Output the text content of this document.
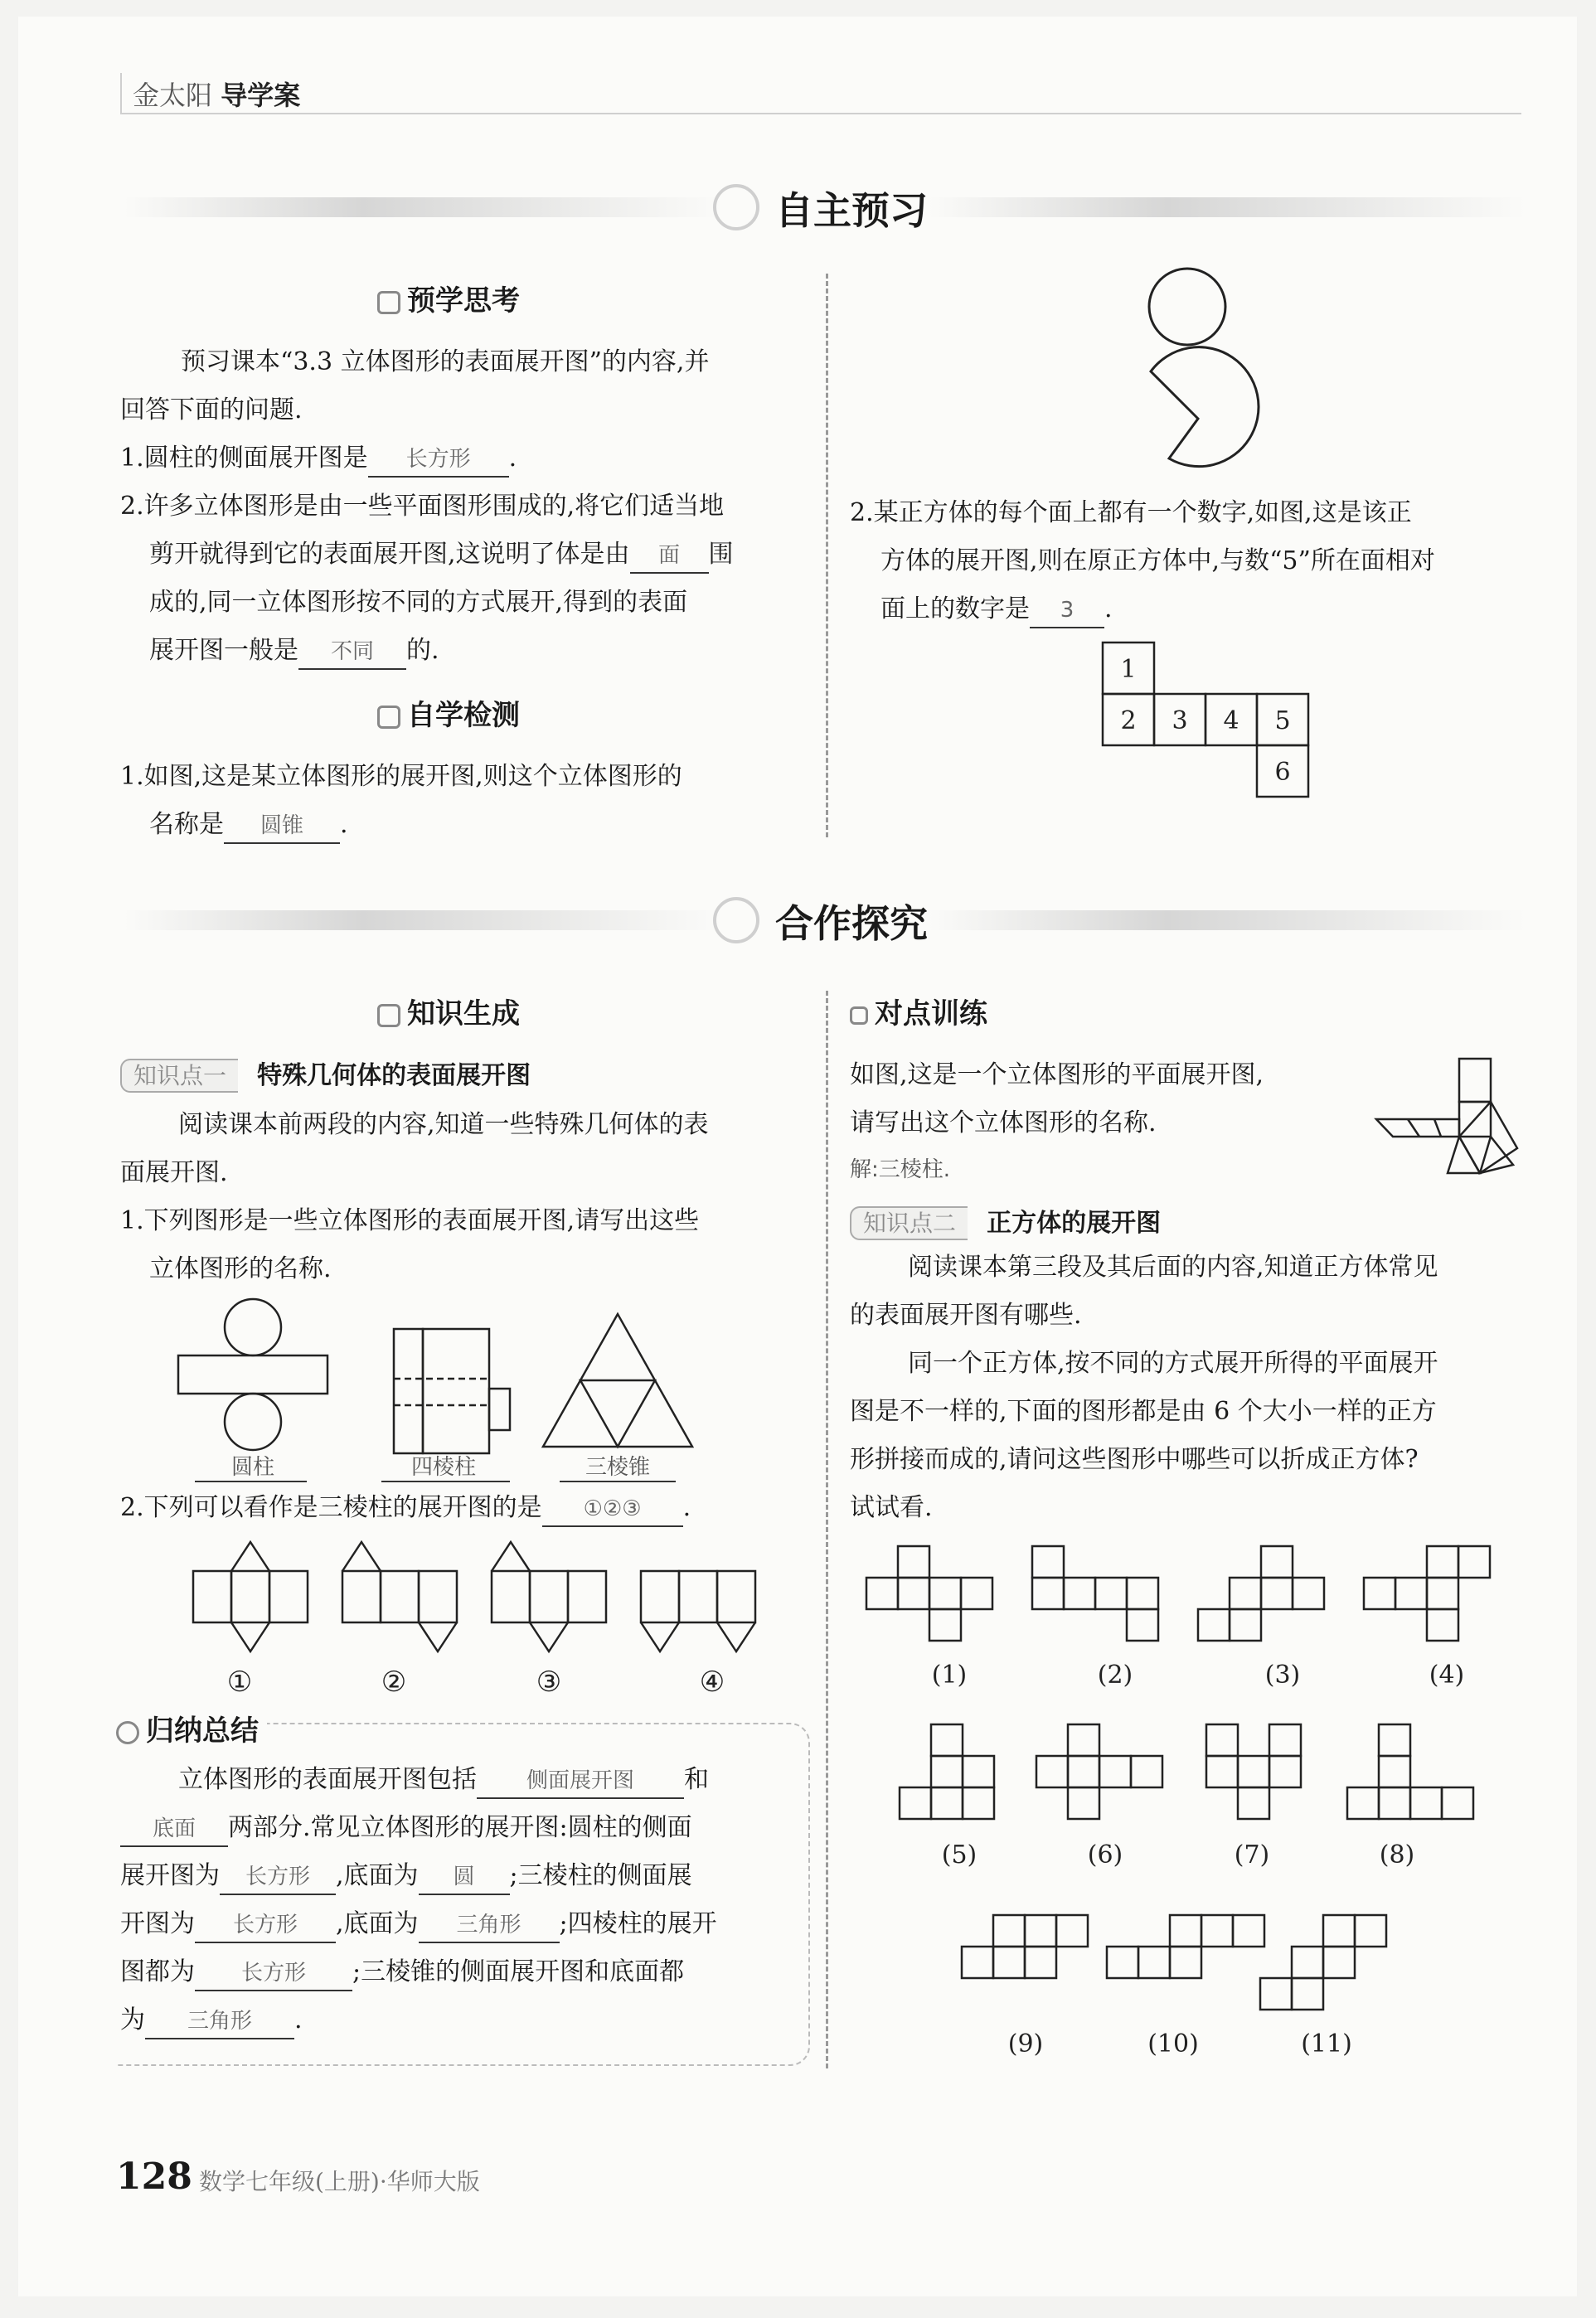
金太阳 导学案
自主预习
预学思考
预习课本“3.3 立体图形的表面展开图”的内容,并
回答下面的问题.
1.圆柱的侧面展开图是 长方形 .
2.许多立体图形是由一些平面图形围成的,将它们适当地
剪开就得到它的表面展开图,这说明了体是由 面 围
成的,同一立体图形按不同的方式展开,得到的表面
展开图一般是 不同 的.
自学检测
1.如图,这是某立体图形的展开图,则这个立体图形的
名称是 圆锥 .
2.某正方体的每个面上都有一个数字,如图,这是该正
方体的展开图,则在原正方体中,与数“5”所在面相对
面上的数字是 3 .
1
2 3 4 5
6
合作探究
知识生成
知识点一 特殊几何体的表面展开图
阅读课本前两段的内容,知道一些特殊几何体的表
面展开图.
1.下列图形是一些立体图形的表面展开图,请写出这些
立体图形的名称.
圆柱	四棱柱	三棱锥
2.下列可以看作是三棱柱的展开图的是 ①②③ .
①	②	③	④
归纳总结
立体图形的表面展开图包括 侧面展开图 和
底面 两部分.常见立体图形的展开图:圆柱的侧面
展开图为 长方形 ,底面为 圆 ;三棱柱的侧面展
开图为 长方形 ,底面为 三角形 ;四棱柱的展开
图都为 长方形 ;三棱锥的侧面展开图和底面都
为 三角形 .
对点训练
如图,这是一个立体图形的平面展开图,
请写出这个立体图形的名称.
解:三棱柱.
知识点二 正方体的展开图
阅读课本第三段及其后面的内容,知道正方体常见
的表面展开图有哪些.
同一个正方体,按不同的方式展开所得的平面展开
图是不一样的,下面的图形都是由 6 个大小一样的正方
形拼接而成的,请问这些图形中哪些可以折成正方体?
试试看.
(1)	(2)	(3)	(4)
(5)	(6)	(7)	(8)
(9)	(10)	(11)
128 数学七年级(上册)·华师大版
